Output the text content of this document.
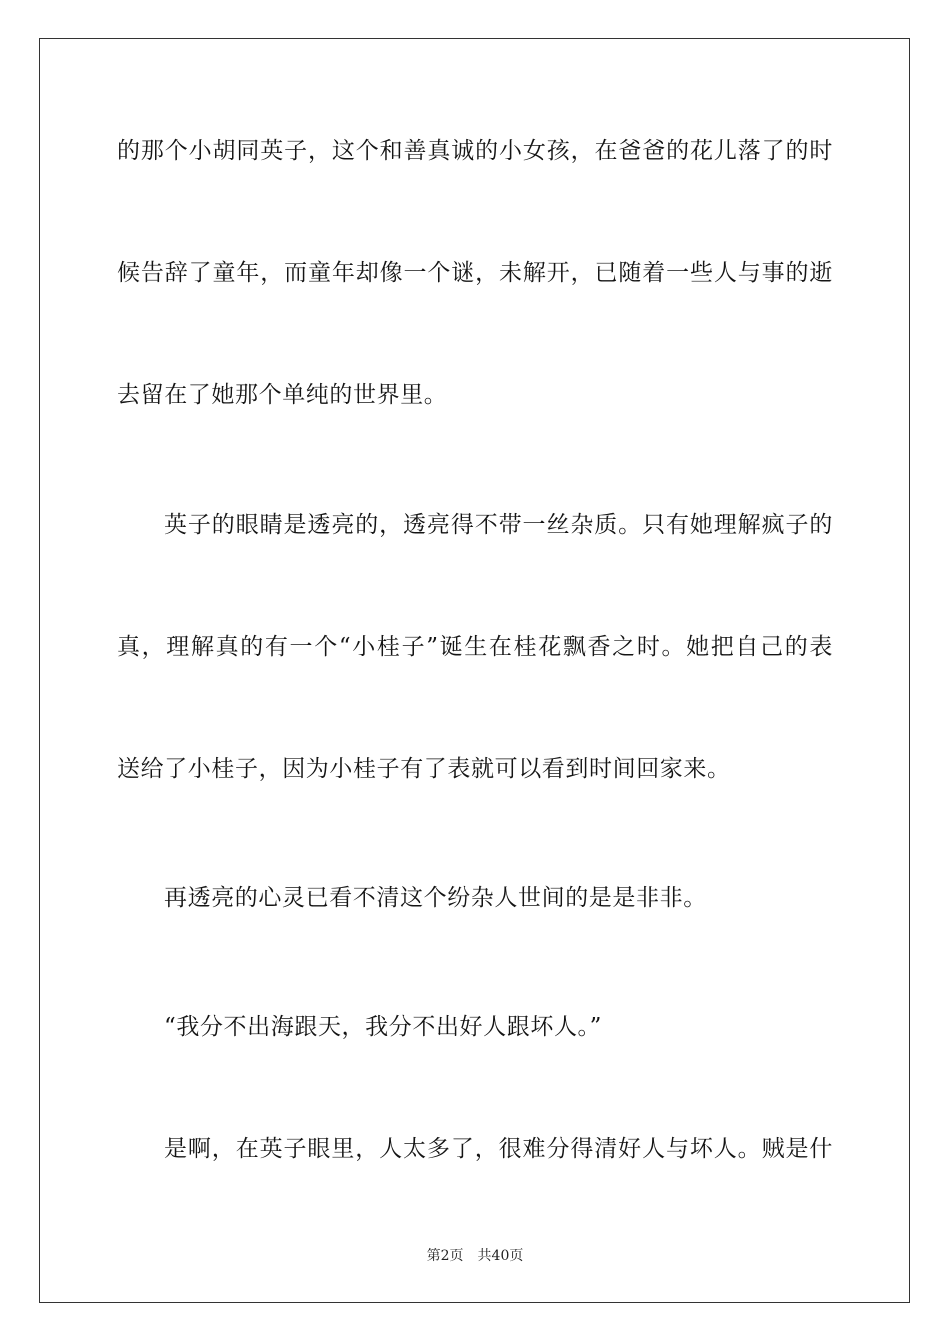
的那个小胡同英子，这个和善真诚的小女孩，在爸爸的花儿落了的时
候告辞了童年，而童年却像一个谜，未解开，已随着一些人与事的逝
去留在了她那个单纯的世界里。
英子的眼睛是透亮的，透亮得不带一丝杂质。只有她理解疯子的
真，理解真的有一个“小桂子”诞生在桂花飘香之时。她把自己的表
送给了小桂子，因为小桂子有了表就可以看到时间回家来。
再透亮的心灵已看不清这个纷杂人世间的是是非非。
“我分不出海跟天，我分不出好人跟坏人。”
是啊，在英子眼里，人太多了，很难分得清好人与坏人。贼是什
第2页 共40页
